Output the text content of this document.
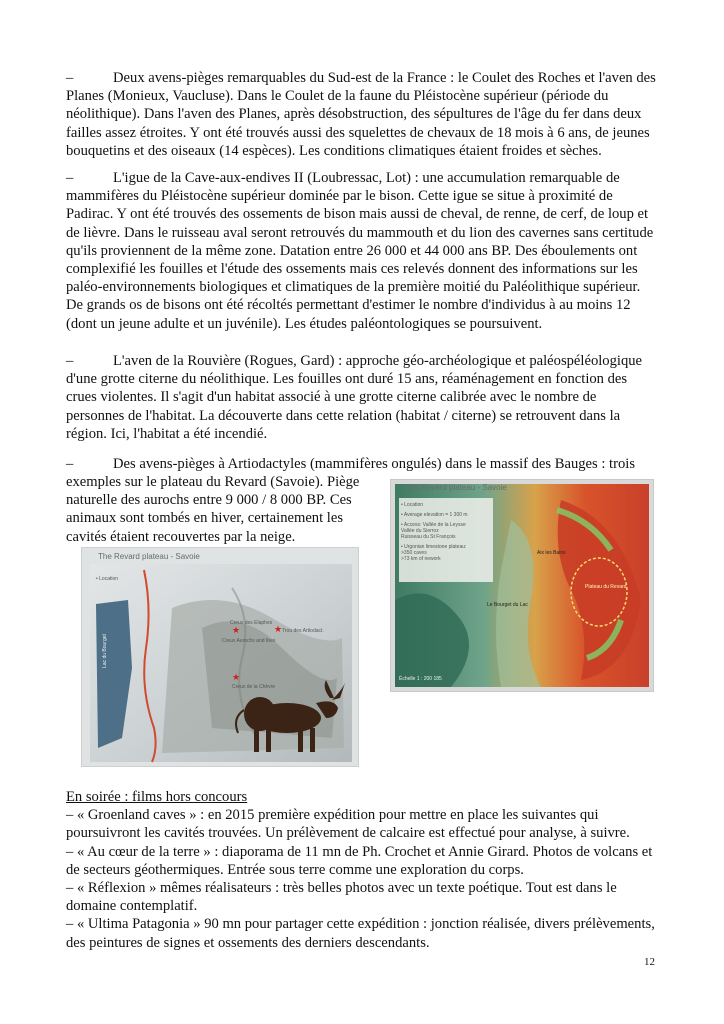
–	Deux avens-pièges remarquables du Sud-est de la France : le Coulet des Roches et l'aven des Planes (Monieux, Vaucluse). Dans le Coulet de la faune du Pléistocène supérieur (période du néolithique). Dans l'aven des Planes, après désobstruction, des sépultures de l'âge du fer dans deux failles assez étroites. Y ont été trouvés aussi des squelettes de chevaux de 18 mois à 6 ans, de jeunes bouquetins et des oiseaux (14 espèces). Les conditions climatiques étaient froides et sèches.

–	L'igue de la Cave-aux-endives II (Loubressac, Lot) : une accumulation remarquable de mammifères du Pléistocène supérieur dominée par le bison. Cette igue se situe à proximité de Padirac. Y ont été trouvés des ossements de bison mais aussi de cheval, de renne, de cerf, de loup et de lièvre. Dans le ruisseau aval seront retrouvés du mammouth et du lion des cavernes sans certitude qu'ils proviennent de la même zone. Datation entre 26 000 et 44 000 ans BP. Des éboulements ont complexifié les fouilles et l'étude des ossements mais ces relevés donnent des informations sur les paléo-environnements biologiques et climatiques de la première moitié du Paléolithique supérieur. De grands os de bisons ont été récoltés permettant d'estimer le nombre d'individus à au moins 12 (dont un jeune adulte et un juvénile). Les études paléontologiques se poursuivent.

–	L'aven de la Rouvière (Rogues, Gard) : approche géo-archéologique et paléospéléologique d'une grotte citerne du néolithique. Les fouilles ont duré 15 ans, réaménagement en fonction des crues violentes. Il s'agit d'un habitat associé à une grotte citerne calibrée avec le nombre de personnes de l'habitat. La découverte dans cette relation (habitat / citerne) se retrouvent dans la région. Ici, l'habitat a été incendié.

–	Des avens-pièges à Artiodactyles (mammifères ongulés) dans le massif des Bauges : trois

exemples sur le plateau du Revard (Savoie). Piège naturelle des aurochs entre 9 000 / 8 000 BP. Ces animaux sont tombés en hiver, certainement les cavités étaient recouvertes par la neige.

★	★
★
The Revard plateau - Savoie
• Location
Lac du Bourget
Creux des Elaphes
Creux Aurochs and Ibex
Trou des Artiodact.
Creux de la Chèvre
The Revard plateau - Savoie
• Location
• Average elevation = 1 300 m
• Access: Vallée de la Leysse
Vallée du Sierroz
Ruisseau du St François
• Urgonian limestone plateau:
>350 caves
>73 km of nework
Aix les Bains
Le Bourget du Lac
Plateau du Revard
Échelle 1 : 200 185
En soirée : films hors concours
– « Groenland caves » : en 2015 première expédition pour mettre en place les suivantes qui poursuivront les cavités trouvées. Un prélèvement de calcaire est effectué pour analyse, à suivre.
– « Au cœur de la terre » : diaporama de 11 mn de Ph. Crochet et Annie Girard. Photos de volcans et de secteurs géothermiques. Entrée sous terre comme une exploration du corps.
– « Réflexion » mêmes réalisateurs : très belles photos avec un texte poétique. Tout est dans le domaine contemplatif.
– « Ultima Patagonia » 90 mn pour partager cette expédition : jonction réalisée, divers prélèvements, des peintures de signes et ossements des derniers descendants.
12
